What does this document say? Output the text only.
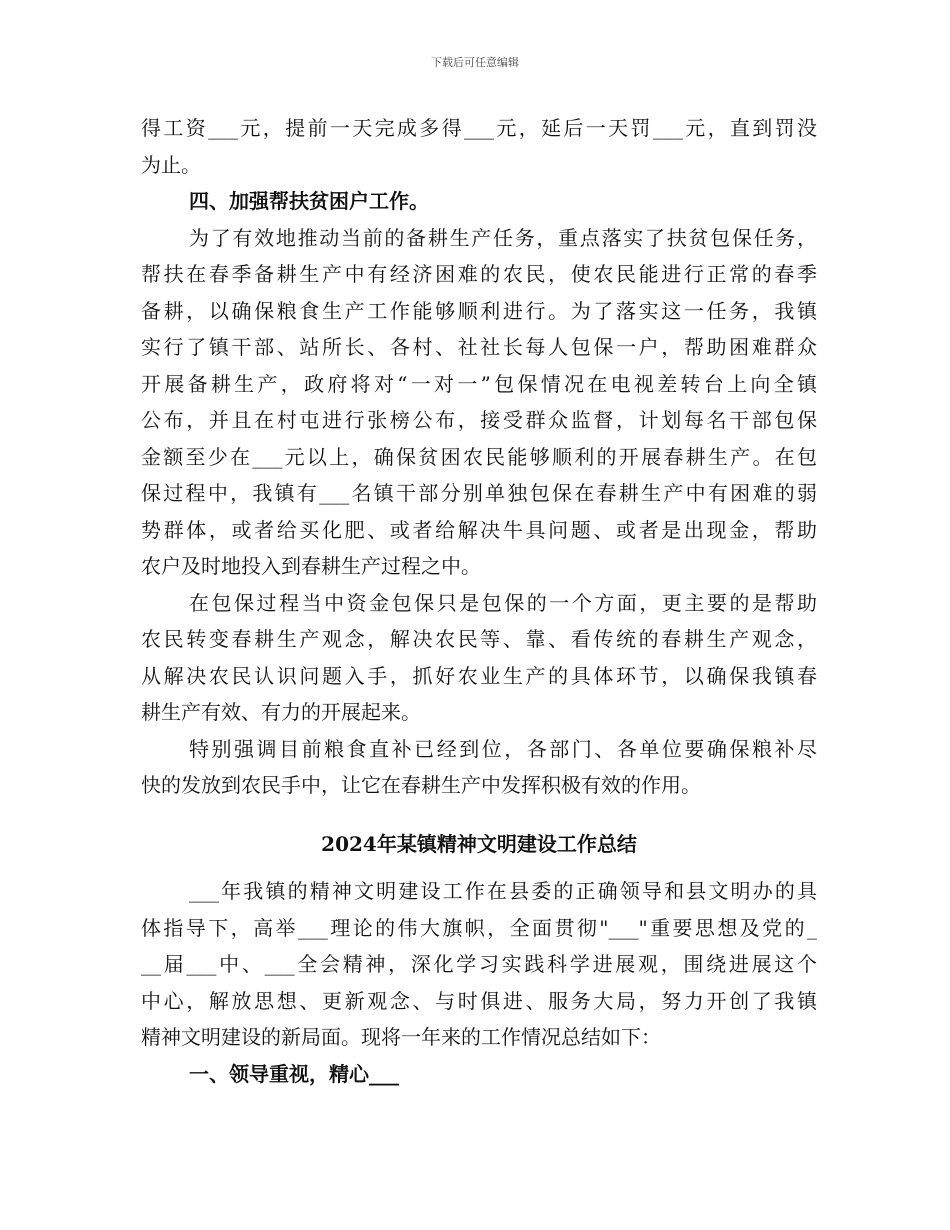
下载后可任意编辑
得工资___元，提前一天完成多得___元，延后一天罚___元，直到罚没
为止。
四、加强帮扶贫困户工作。
为了有效地推动当前的备耕生产任务，重点落实了扶贫包保任务，
帮扶在春季备耕生产中有经济困难的农民，使农民能进行正常的春季
备耕，以确保粮食生产工作能够顺利进行。为了落实这一任务，我镇
实行了镇干部、站所长、各村、社社长每人包保一户，帮助困难群众
开展备耕生产，政府将对“一对一”包保情况在电视差转台上向全镇
公布，并且在村屯进行张榜公布，接受群众监督，计划每名干部包保
金额至少在___元以上，确保贫困农民能够顺利的开展春耕生产。在包
保过程中，我镇有___名镇干部分别单独包保在春耕生产中有困难的弱
势群体，或者给买化肥、或者给解决牛具问题、或者是出现金，帮助
农户及时地投入到春耕生产过程之中。
在包保过程当中资金包保只是包保的一个方面，更主要的是帮助
农民转变春耕生产观念，解决农民等、靠、看传统的春耕生产观念，
从解决农民认识问题入手，抓好农业生产的具体环节，以确保我镇春
耕生产有效、有力的开展起来。
特别强调目前粮食直补已经到位，各部门、各单位要确保粮补尽
快的发放到农民手中，让它在春耕生产中发挥积极有效的作用。
2024年某镇精神文明建设工作总结
___年我镇的精神文明建设工作在县委的正确领导和县文明办的具
体指导下，高举___理论的伟大旗帜，全面贯彻"___"重要思想及党的_
__届___中、___全会精神，深化学习实践科学进展观，围绕进展这个
中心，解放思想、更新观念、与时俱进、服务大局，努力开创了我镇
精神文明建设的新局面。现将一年来的工作情况总结如下：
一、领导重视，精心___
